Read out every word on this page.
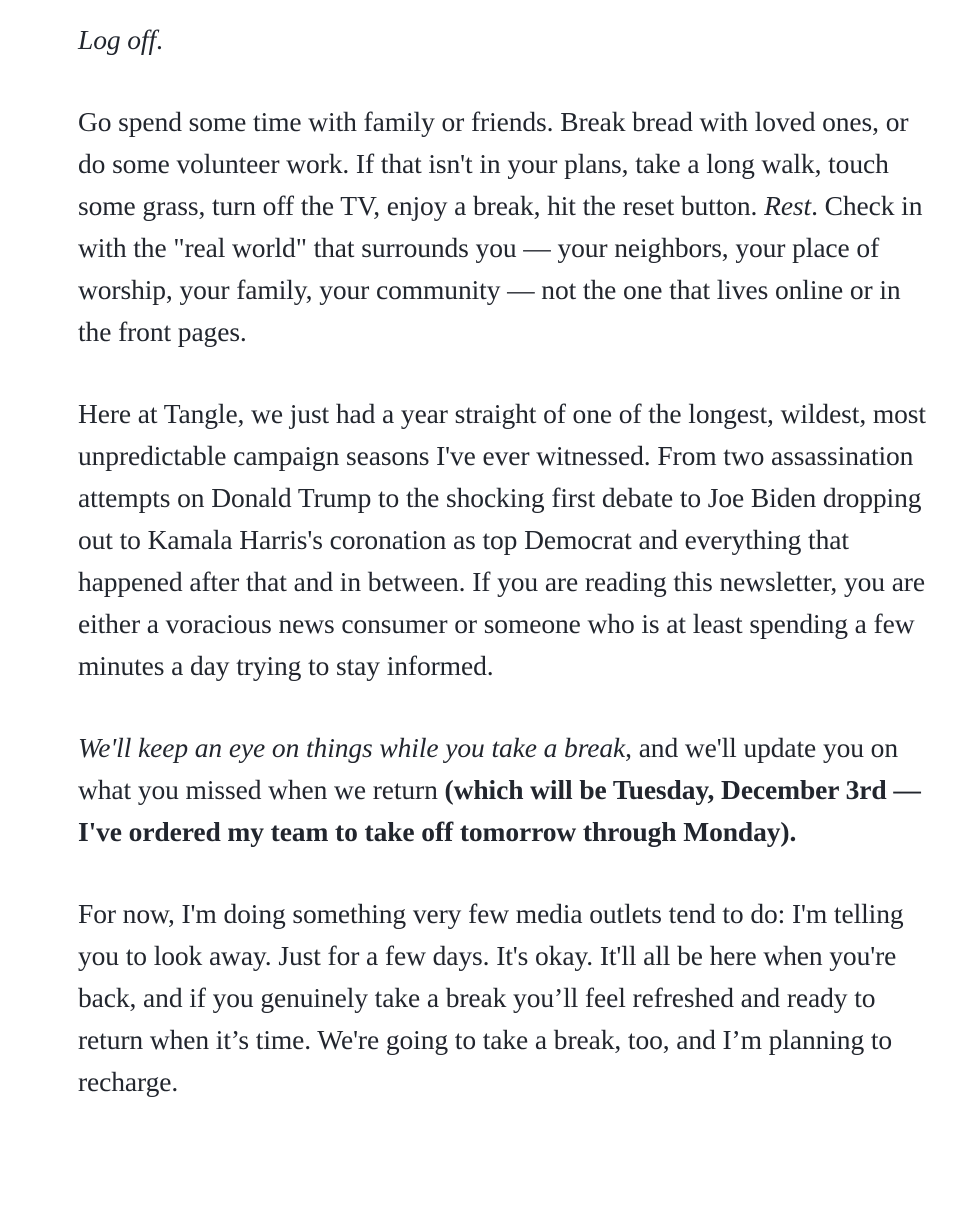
Log off.

Go spend some time with family or friends. Break bread with loved ones, or do some volunteer work. If that isn't in your plans, take a long walk, touch some grass, turn off the TV, enjoy a break, hit the reset button. Rest. Check in with the "real world" that surrounds you — your neighbors, your place of worship, your family, your community — not the one that lives online or in the front pages.

Here at Tangle, we just had a year straight of one of the longest, wildest, most unpredictable campaign seasons I've ever witnessed. From two assassination attempts on Donald Trump to the shocking first debate to Joe Biden dropping out to Kamala Harris's coronation as top Democrat and everything that happened after that and in between. If you are reading this newsletter, you are either a voracious news consumer or someone who is at least spending a few minutes a day trying to stay informed.

We'll keep an eye on things while you take a break, and we'll update you on what you missed when we return (which will be Tuesday, December 3rd — I've ordered my team to take off tomorrow through Monday).

For now, I'm doing something very few media outlets tend to do: I'm telling you to look away. Just for a few days. It's okay. It'll all be here when you're back, and if you genuinely take a break you’ll feel refreshed and ready to return when it’s time. We're going to take a break, too, and I’m planning to recharge.
